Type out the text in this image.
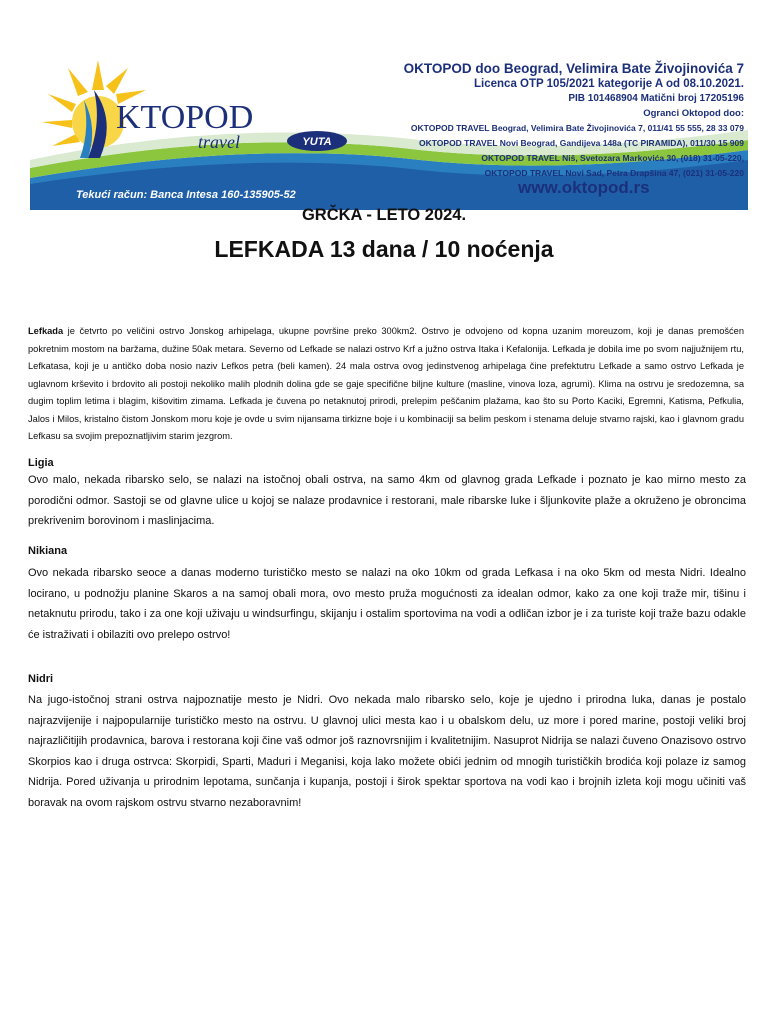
KTOPOD
travel	YUTA
OKTOPOD doo Beograd, Velimira Bate Živojinovića 7
Licenca OTP 105/2021 kategorije A od 08.10.2021.
PIB 101468904 Matični broj 17205196
Ogranci Oktopod doo:
OKTOPOD TRAVEL Beograd, Velimira Bate Živojinovića 7, 011/41 55 555, 28 33 079
OKTOPOD TRAVEL Novi Beograd, Gandijeva 148a (TC PIRAMIDA), 011/30 15 909
OKTOPOD TRAVEL Niš, Svetozara Markovića 30, (018) 31-05-220,
OKTOPOD TRAVEL Novi Sad, Petra Drapšina 47, (021) 31-05-220
www.oktopod.rs
Tekući račun: Banca Intesa 160-135905-52
GRČKA - LETO 2024.
LEFKADA 13 dana / 10 noćenja
Lefkada je četvrto po veličini ostrvo Jonskog arhipelaga, ukupne površine preko 300km2. Ostrvo je odvojeno od kopna uzanim moreuzom, koji je danas premošćen pokretnim mostom na baržama, dužine 50ak metara. Severno od Lefkade se nalazi ostrvo Krf a južno ostrva Itaka i Kefalonija. Lefkada je dobila ime po svom najjužnijem rtu, Lefkatasa, koji je u antičko doba nosio naziv Lefkos petra (beli kamen). 24 mala ostrva ovog jedinstvenog arhipelaga čine prefektutru Lefkade a samo ostrvo Lefkada je uglavnom krševito i brdovito ali postoji nekoliko malih plodnih dolina gde se gaje specifične biljne kulture (masline, vinova loza, agrumi). Klima na ostrvu je sredozemna, sa dugim toplim letima i blagim, kišovitim zimama. Lefkada je čuvena po netaknutoj prirodi, prelepim peščanim plažama, kao što su Porto Kaciki, Egremni, Katisma, Pefkulia, Jalos i Milos, kristalno čistom Jonskom moru koje je ovde u svim nijansama tirkizne boje i u kombinaciji sa belim peskom i stenama deluje stvarno rajski, kao i glavnom gradu Lefkasu sa svojim prepoznatljivim starim jezgrom.
Ligia
Ovo malo, nekada ribarsko selo, se nalazi na istočnoj obali ostrva, na samo 4km od glavnog grada Lefkade i poznato je kao mirno mesto za porodični odmor. Sastoji se od glavne ulice u kojoj se nalaze prodavnice i restorani, male ribarske luke i šljunkovite plaže a okruženo je obroncima prekrivenim borovinom i maslinjacima.
Nikiana
Ovo nekada ribarsko seoce a danas moderno turističko mesto se nalazi na oko 10km od grada Lefkasa i na oko 5km od mesta Nidri. Idealno locirano, u podnožju planine Skaros a na samoj obali mora, ovo mesto pruža mogućnosti za idealan odmor, kako za one koji traže mir, tišinu i netaknutu prirodu, tako i za one koji uživaju u windsurfingu, skijanju i ostalim sportovima na vodi a odličan izbor je i za turiste koji traže bazu odakle će istraživati i obilaziti ovo prelepo ostrvo!
Nidri
Na jugo-istočnoj strani ostrva najpoznatije mesto je Nidri. Ovo nekada malo ribarsko selo, koje je ujedno i prirodna luka, danas je postalo najrazvijenije i najpopularnije turističko mesto na ostrvu. U glavnoj ulici mesta kao i u obalskom delu, uz more i pored marine, postoji veliki broj najrazličitijih prodavnica, barova i restorana koji čine vaš odmor još raznovrsnijim i kvalitetnijim. Nasuprot Nidrija se nalazi čuveno Onazisovo ostrvo Skorpios kao i druga ostrvca: Skorpidi, Sparti, Maduri i Meganisi, koja lako možete obići jednim od mnogih turističkih brodića koji polaze iz samog Nidrija. Pored uživanja u prirodnim lepotama, sunčanja i kupanja, postoji i širok spektar sportova na vodi kao i brojnih izleta koji mogu učiniti vaš boravak na ovom rajskom ostrvu stvarno nezaboravnim!
